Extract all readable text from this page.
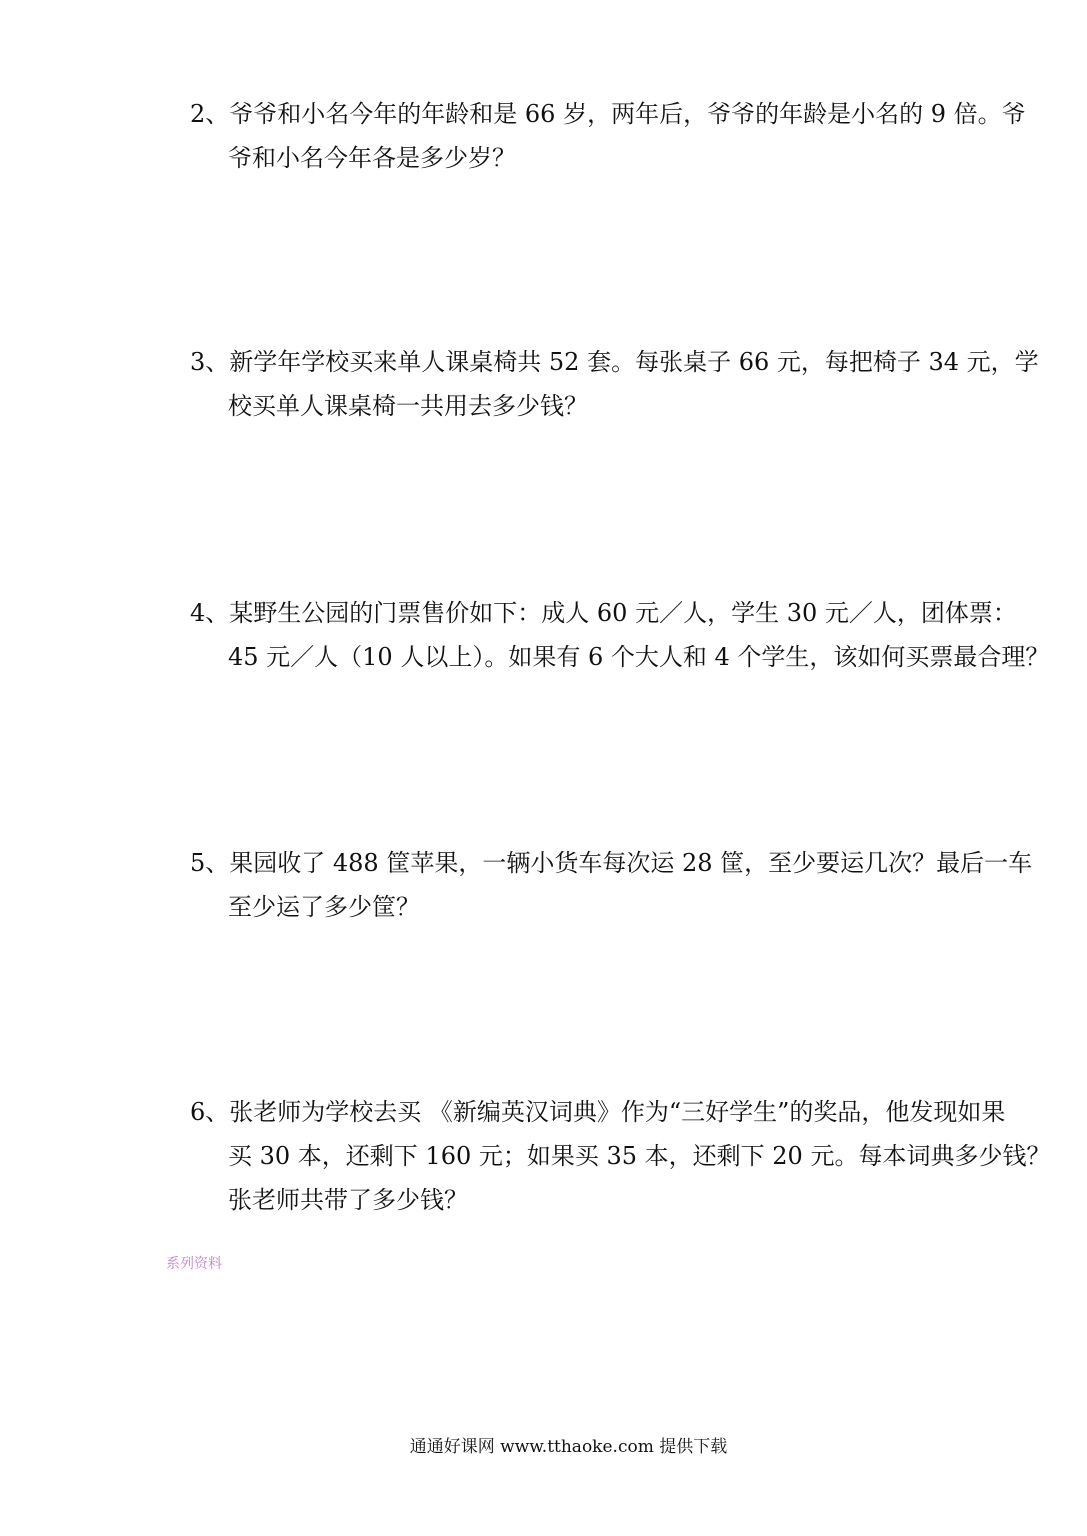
2、爷爷和小名今年的年龄和是 66 岁，两年后，爷爷的年龄是小名的 9 倍。爷
爷和小名今年各是多少岁？
3、新学年学校买来单人课桌椅共 52 套。每张桌子 66 元，每把椅子 34 元，学
校买单人课桌椅一共用去多少钱？
4、某野生公园的门票售价如下：成人 60 元／人，学生 30 元／人，团体票：
45 元／人（10 人以上）。如果有 6 个大人和 4 个学生，该如何买票最合理？
5、果园收了 488 筐苹果，一辆小货车每次运 28 筐，至少要运几次？最后一车
至少运了多少筐？
6、张老师为学校去买 《新编英汉词典》作为“三好学生”的奖品，他发现如果
买 30 本，还剩下 160 元；如果买 35 本，还剩下 20 元。每本词典多少钱？
张老师共带了多少钱？
系列资料
通通好课网 www.tthaoke.com 提供下载
